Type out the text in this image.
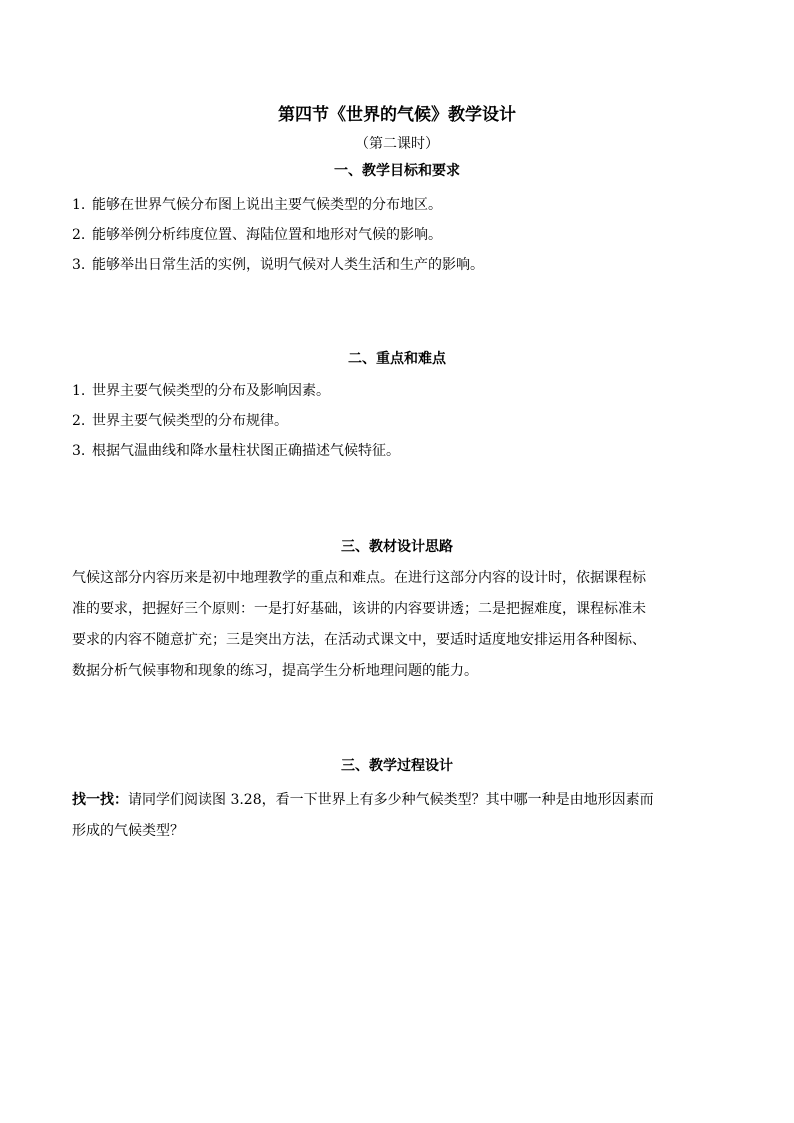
第四节《世界的气候》教学设计
（第二课时）
一、教学目标和要求
1. 能够在世界气候分布图上说出主要气候类型的分布地区。
2. 能够举例分析纬度位置、海陆位置和地形对气候的影响。
3. 能够举出日常生活的实例，说明气候对人类生活和生产的影响。
二、重点和难点
1. 世界主要气候类型的分布及影响因素。
2. 世界主要气候类型的分布规律。
3. 根据气温曲线和降水量柱状图正确描述气候特征。
三、教材设计思路
气候这部分内容历来是初中地理教学的重点和难点。在进行这部分内容的设计时，依据课程标
准的要求，把握好三个原则：一是打好基础，该讲的内容要讲透；二是把握难度，课程标准未
要求的内容不随意扩充；三是突出方法，在活动式课文中，要适时适度地安排运用各种图标、
数据分析气候事物和现象的练习，提高学生分析地理问题的能力。
三、教学过程设计
找一找：请同学们阅读图 3.28，看一下世界上有多少种气候类型？其中哪一种是由地形因素而
形成的气候类型？
